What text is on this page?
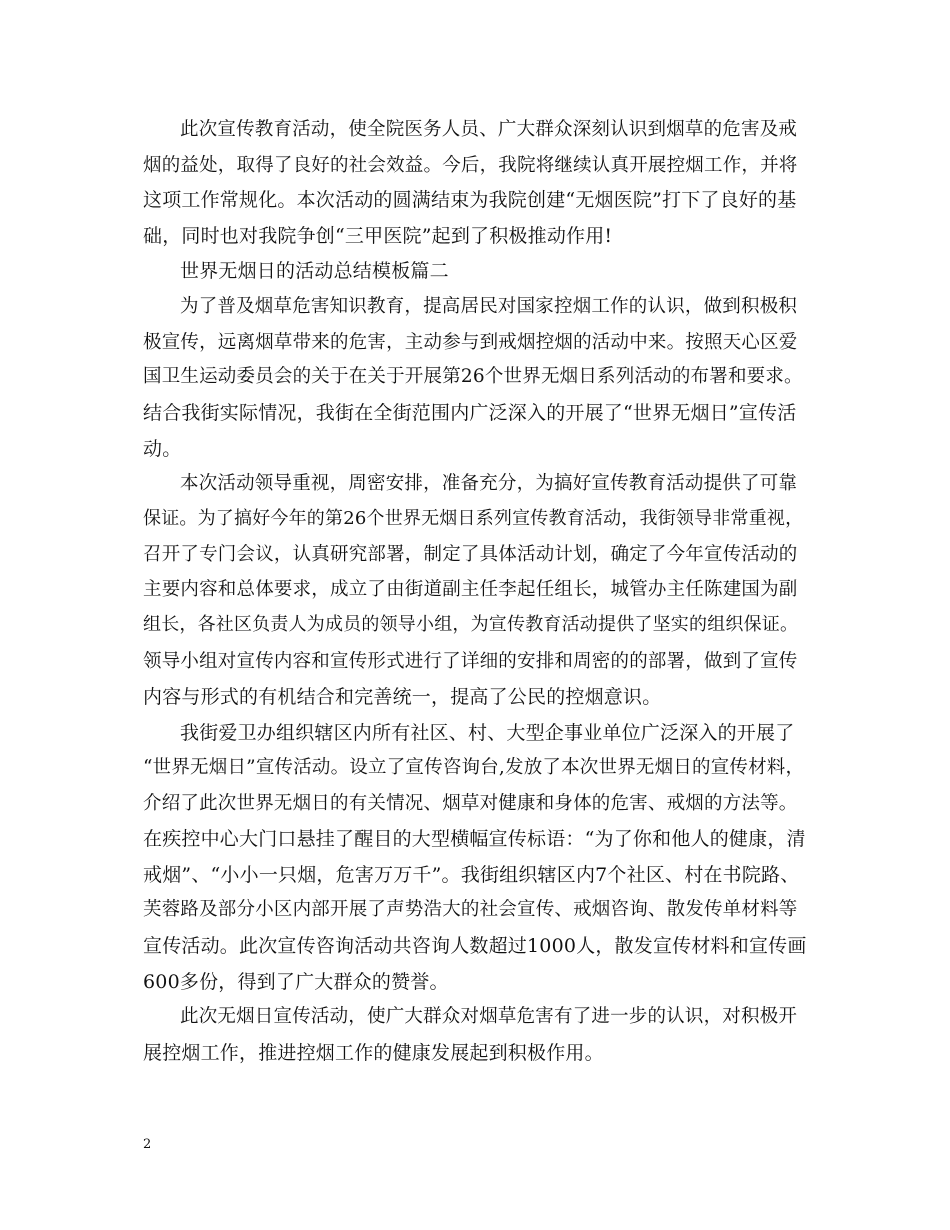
此次宣传教育活动，使全院医务人员、广大群众深刻认识到烟草的危害及戒
烟的益处，取得了良好的社会效益。今后，我院将继续认真开展控烟工作，并将
这项工作常规化。本次活动的圆满结束为我院创建“无烟医院”打下了良好的基
础，同时也对我院争创“三甲医院”起到了积极推动作用!
世界无烟日的活动总结模板篇二
为了普及烟草危害知识教育，提高居民对国家控烟工作的认识，做到积极积
极宣传，远离烟草带来的危害，主动参与到戒烟控烟的活动中来。按照天心区爱
国卫生运动委员会的关于在关于开展第26个世界无烟日系列活动的布署和要求。
结合我街实际情况，我街在全街范围内广泛深入的开展了“世界无烟日”宣传活
动。
本次活动领导重视，周密安排，准备充分，为搞好宣传教育活动提供了可靠
保证。为了搞好今年的第26个世界无烟日系列宣传教育活动，我街领导非常重视，
召开了专门会议，认真研究部署，制定了具体活动计划，确定了今年宣传活动的
主要内容和总体要求，成立了由街道副主任李起任组长，城管办主任陈建国为副
组长，各社区负责人为成员的领导小组，为宣传教育活动提供了坚实的组织保证。
领导小组对宣传内容和宣传形式进行了详细的安排和周密的的部署，做到了宣传
内容与形式的有机结合和完善统一，提高了公民的控烟意识。
我街爱卫办组织辖区内所有社区、村、大型企事业单位广泛深入的开展了
“世界无烟日”宣传活动。设立了宣传咨询台,发放了本次世界无烟日的宣传材料，
介绍了此次世界无烟日的有关情况、烟草对健康和身体的危害、戒烟的方法等。
在疾控中心大门口悬挂了醒目的大型横幅宣传标语：“为了你和他人的健康，清
戒烟”、“小小一只烟，危害万万千”。我街组织辖区内7个社区、村在书院路、
芙蓉路及部分小区内部开展了声势浩大的社会宣传、戒烟咨询、散发传单材料等
宣传活动。此次宣传咨询活动共咨询人数超过1000人，散发宣传材料和宣传画
600多份，得到了广大群众的赞誉。
此次无烟日宣传活动，使广大群众对烟草危害有了进一步的认识，对积极开
展控烟工作，推进控烟工作的健康发展起到积极作用。
2
